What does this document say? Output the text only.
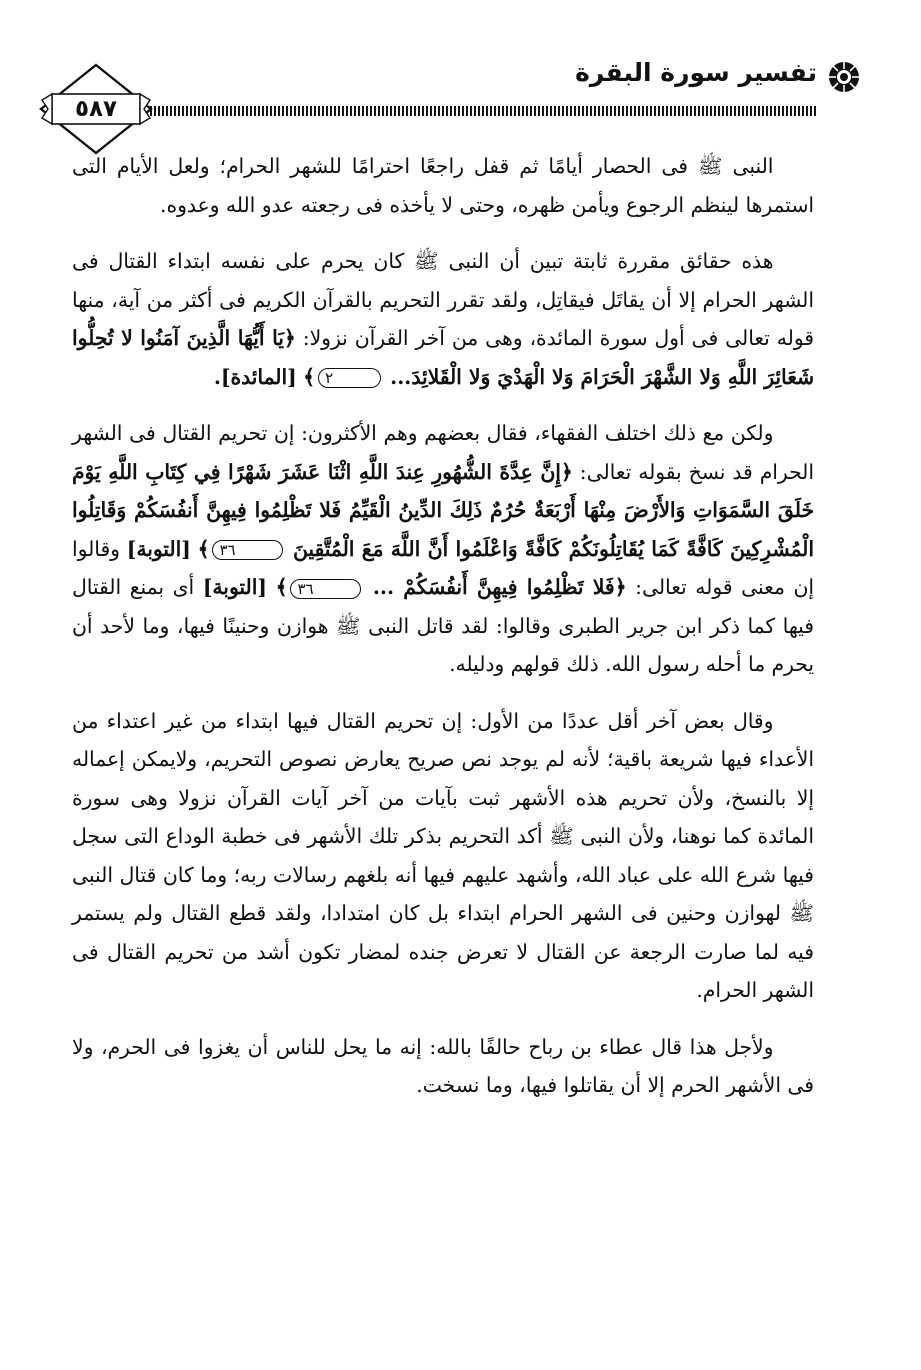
تفسير سورة البقرة
٥٨٧

النبى ﷺ فى الحصار أيامًا ثم قفل راجعًا احترامًا للشهر الحرام؛ ولعل الأيام التى استمرها لينظم الرجوع ويأمن ظهره، وحتى لا يأخذه فى رجعته عدو الله وعدوه.

هذه حقائق مقررة ثابتة تبين أن النبى ﷺ كان يحرم على نفسه ابتداء القتال فى الشهر الحرام إلا أن يقاتَل فيقاتِل، ولقد تقرر التحريم بالقرآن الكريم فى أكثر من آية، منها قوله تعالى فى أول سورة المائدة، وهى من آخر القرآن نزولا: ﴿يَا أَيُّهَا الَّذِينَ آمَنُوا لا تُحِلُّوا شَعَائِرَ اللَّهِ وَلا الشَّهْرَ الْحَرَامَ وَلا الْهَدْيَ وَلا الْقَلائِدَ... ٢﴾ [المائدة].

ولكن مع ذلك اختلف الفقهاء، فقال بعضهم وهم الأكثرون: إن تحريم القتال فى الشهر الحرام قد نسخ بقوله تعالى: ﴿إِنَّ عِدَّةَ الشُّهُورِ عِندَ اللَّهِ اثْنَا عَشَرَ شَهْرًا فِي كِتَابِ اللَّهِ يَوْمَ خَلَقَ السَّمَوَاتِ وَالأَرْضَ مِنْهَا أَرْبَعَةٌ حُرُمٌ ذَلِكَ الدِّينُ الْقَيِّمُ فَلا تَظْلِمُوا فِيهِنَّ أَنفُسَكُمْ وَقَاتِلُوا الْمُشْرِكِينَ كَافَّةً كَمَا يُقَاتِلُونَكُمْ كَافَّةً وَاعْلَمُوا أَنَّ اللَّهَ مَعَ الْمُتَّقِينَ ٣٦﴾ [التوبة] وقالوا إن معنى قوله تعالى: ﴿فَلا تَظْلِمُوا فِيهِنَّ أَنفُسَكُمْ ... ٣٦﴾ [التوبة] أى بمنع القتال فيها كما ذكر ابن جرير الطبرى وقالوا: لقد قاتل النبى ﷺ هوازن وحنينًا فيها، وما لأحد أن يحرم ما أحله رسول الله. ذلك قولهم ودليله.

وقال بعض آخر أقل عددًا من الأول: إن تحريم القتال فيها ابتداء من غير اعتداء من الأعداء فيها شريعة باقية؛ لأنه لم يوجد نص صريح يعارض نصوص التحريم، ولايمكن إعماله إلا بالنسخ، ولأن تحريم هذه الأشهر ثبت بآيات من آخر آيات القرآن نزولا وهى سورة المائدة كما نوهنا، ولأن النبى ﷺ أكد التحريم بذكر تلك الأشهر فى خطبة الوداع التى سجل فيها شرع الله على عباد الله، وأشهد عليهم فيها أنه بلغهم رسالات ربه؛ وما كان قتال النبى ﷺ لهوازن وحنين فى الشهر الحرام ابتداء بل كان امتدادا، ولقد قطع القتال ولم يستمر فيه لما صارت الرجعة عن القتال لا تعرض جنده لمضار تكون أشد من تحريم القتال فى الشهر الحرام.

ولأجل هذا قال عطاء بن رباح حالفًا بالله: إنه ما يحل للناس أن يغزوا فى الحرم، ولا فى الأشهر الحرم إلا أن يقاتلوا فيها، وما نسخت.
